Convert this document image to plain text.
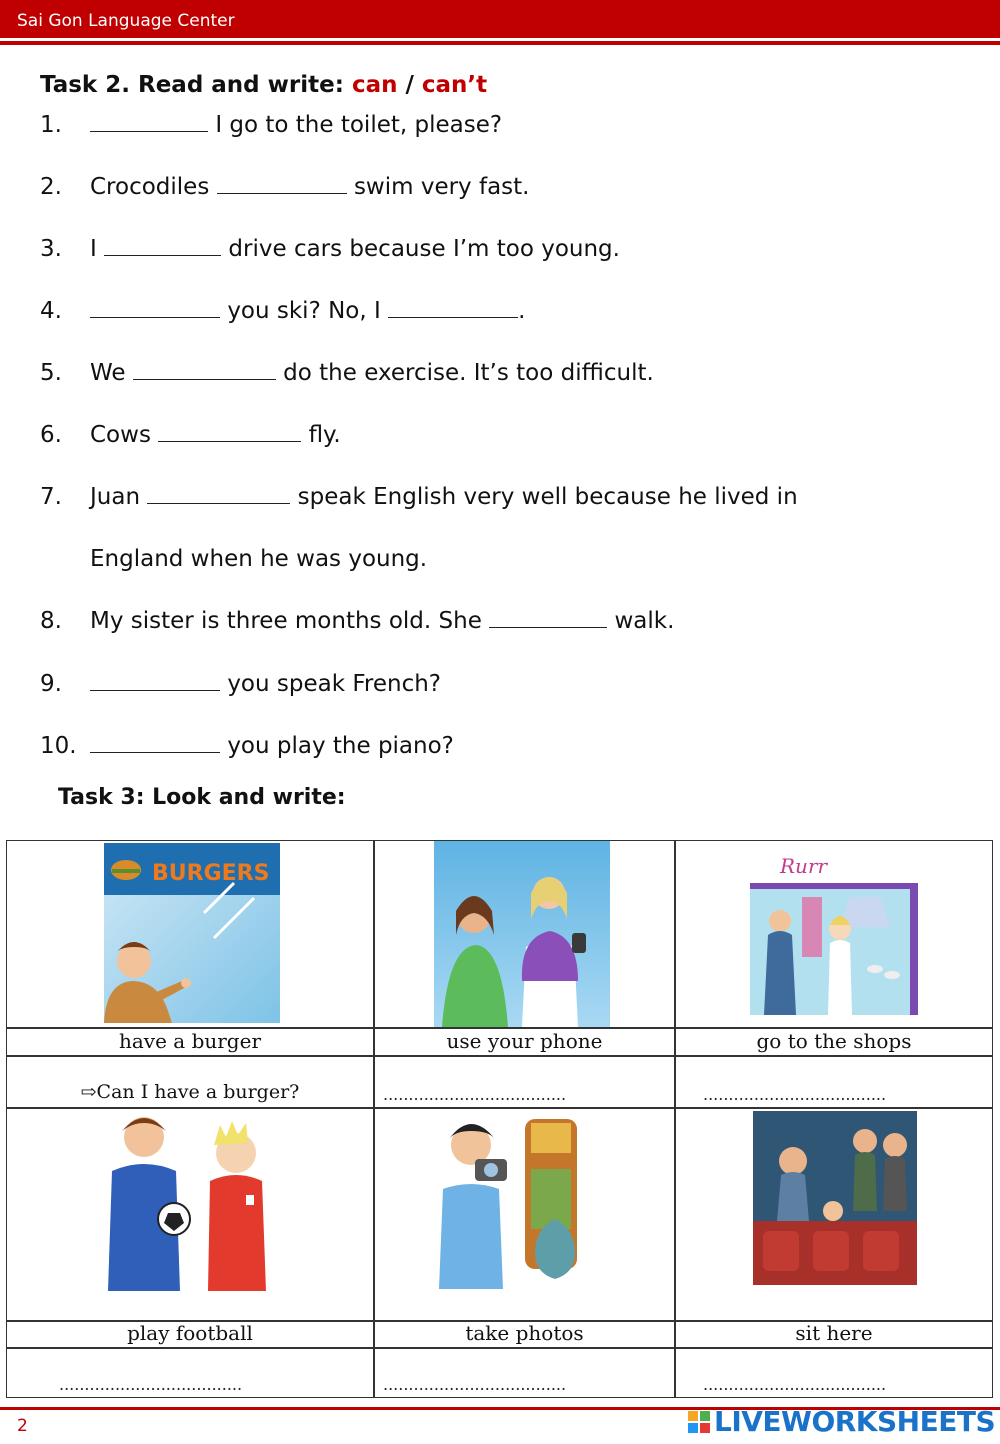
Sai Gon Language Center
Task 2. Read and write: can / can’t
1.	I go to the toilet, please?
2. Crocodiles	swim very fast.
3. I	drive cars because I’m too young.
4.	you ski? No, I	.
5. We	do the exercise. It’s too difficult.
6. Cows	fly.
7. Juan	speak English very well because he lived in
England when he was young.
8. My sister is three months old. She	walk.
9.	you speak French?
10.	you play the piano?
Task 3: Look and write:
BURGERS	Rurr
have a burger	use your phone	go to the shops
⇨Can I have a burger?	....................................	....................................
play football	take photos	sit here
....................................	....................................	....................................
2	LIVEWORKSHEETS
